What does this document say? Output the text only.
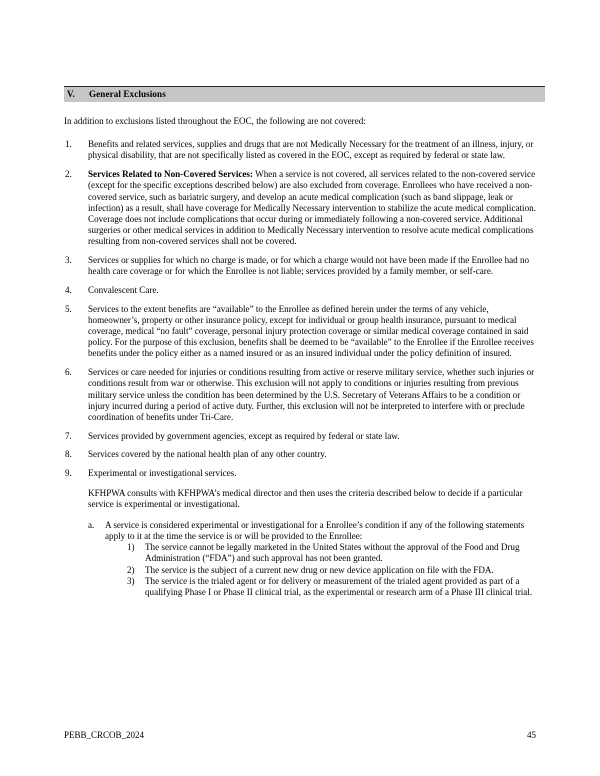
V. General Exclusions

In addition to exclusions listed throughout the EOC, the following are not covered:

1.	Benefits and related services, supplies and drugs that are not Medically Necessary for the treatment of an illness, injury, or physical disability, that are not specifically listed as covered in the EOC, except as required by federal or state law.
2.	Services Related to Non-Covered Services: When a service is not covered, all services related to the non-covered service (except for the specific exceptions described below) are also excluded from coverage. Enrollees who have received a non-covered service, such as bariatric surgery, and develop an acute medical complication (such as band slippage, leak or infection) as a result, shall have coverage for Medically Necessary intervention to stabilize the acute medical complication. Coverage does not include complications that occur during or immediately following a non-covered service. Additional surgeries or other medical services in addition to Medically Necessary intervention to resolve acute medical complications resulting from non-covered services shall not be covered.
3.	Services or supplies for which no charge is made, or for which a charge would not have been made if the Enrollee had no health care coverage or for which the Enrollee is not liable; services provided by a family member, or self-care.
4.	Convalescent Care.
5.	Services to the extent benefits are “available” to the Enrollee as defined herein under the terms of any vehicle, homeowner’s, property or other insurance policy, except for individual or group health insurance, pursuant to medical coverage, medical “no fault” coverage, personal injury protection coverage or similar medical coverage contained in said policy. For the purpose of this exclusion, benefits shall be deemed to be “available” to the Enrollee if the Enrollee receives benefits under the policy either as a named insured or as an insured individual under the policy definition of insured.
6.	Services or care needed for injuries or conditions resulting from active or reserve military service, whether such injuries or conditions result from war or otherwise. This exclusion will not apply to conditions or injuries resulting from previous military service unless the condition has been determined by the U.S. Secretary of Veterans Affairs to be a condition or injury incurred during a period of active duty. Further, this exclusion will not be interpreted to interfere with or preclude coordination of benefits under Tri-Care.
7.	Services provided by government agencies, except as required by federal or state law.
8.	Services covered by the national health plan of any other country.
9.	Experimental or investigational services.
KFHPWA consults with KFHPWA’s medical director and then uses the criteria described below to decide if a particular service is experimental or investigational.
a.	A service is considered experimental or investigational for a Enrollee’s condition if any of the following statements apply to it at the time the service is or will be provided to the Enrollee:
1)	The service cannot be legally marketed in the United States without the approval of the Food and Drug Administration (“FDA”) and such approval has not been granted.
2)	The service is the subject of a current new drug or new device application on file with the FDA.
3)	The service is the trialed agent or for delivery or measurement of the trialed agent provided as part of a qualifying Phase I or Phase II clinical trial, as the experimental or research arm of a Phase III clinical trial.
PEBB_CRCOB_2024	45
